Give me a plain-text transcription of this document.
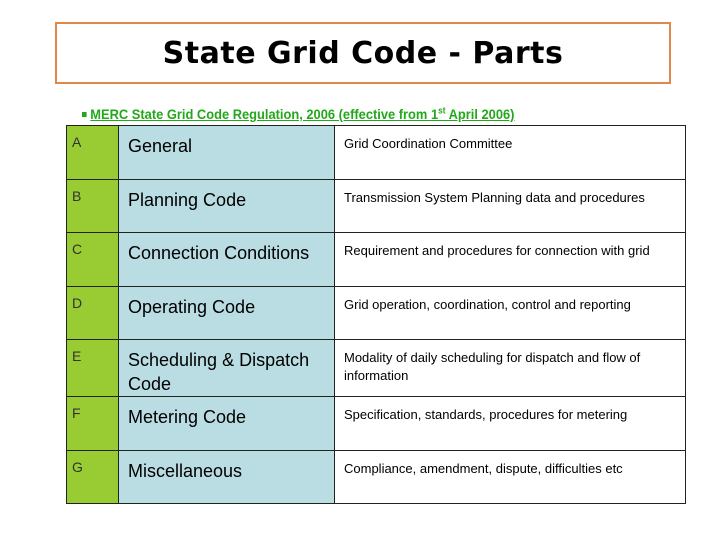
State Grid Code - Parts
MERC State Grid Code Regulation, 2006 (effective from 1st April 2006)
A	General	Grid Coordination Committee
B	Planning Code	Transmission System Planning data and procedures
C	Connection Conditions	Requirement and procedures for connection with grid
D	Operating Code	Grid operation, coordination, control and reporting
E	Scheduling & Dispatch Code	Modality of daily scheduling for dispatch and flow of information
F	Metering Code	Specification, standards, procedures for metering
G	Miscellaneous	Compliance, amendment, dispute, difficulties etc
